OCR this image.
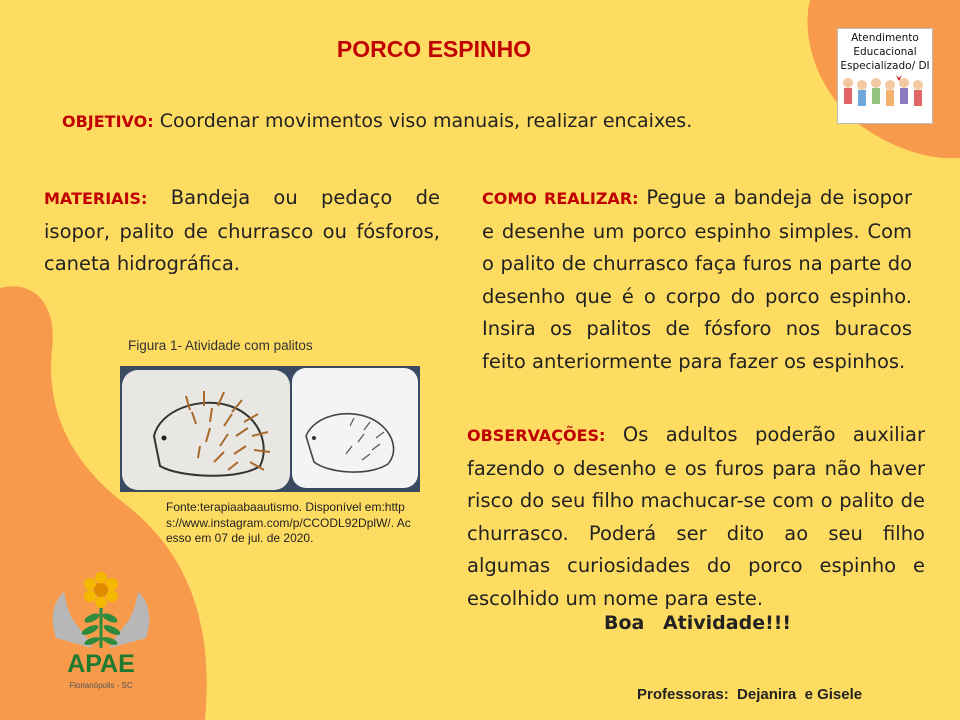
PORCO ESPINHO
OBJETIVO: Coordenar movimentos viso manuais, realizar encaixes.
MATERIAIS: Bandeja ou pedaço de isopor, palito de churrasco ou fósforos, caneta hidrográfica.
COMO REALIZAR: Pegue a bandeja de isopor e desenhe um porco espinho simples. Com o palito de churrasco faça furos na parte do desenho que é o corpo do porco espinho. Insira os palitos de fósforo nos buracos feito anteriormente para fazer os espinhos.
Figura 1- Atividade com palitos
Fonte:terapiaabaautismo. Disponível em:https://www.instagram.com/p/CCODL92DplW/. Acesso em 07 de jul. de 2020.
OBSERVAÇÕES: Os adultos poderão auxiliar fazendo o desenho e os furos para não haver risco do seu filho machucar-se com o palito de churrasco. Poderá ser dito ao seu filho algumas curiosidades do porco espinho e escolhido um nome para este.
Boa Atividade!!!
Professoras:  Dejanira  e Gisele
Atendimento
Educacional
Especializado/ DI
APAE
Florianópolis - SC
